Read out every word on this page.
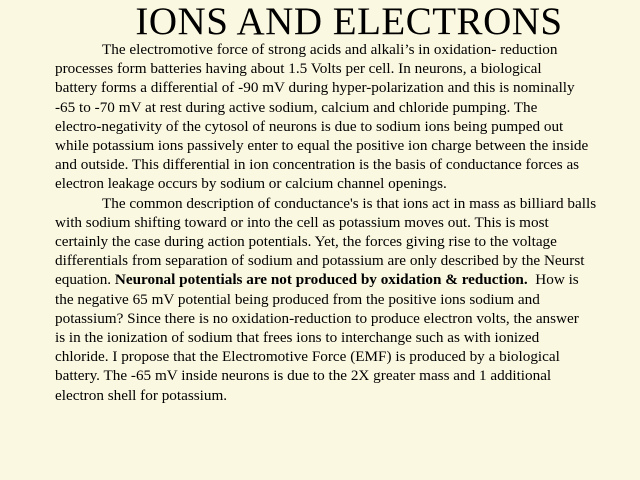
IONS AND ELECTRONS
The electromotive force of strong acids and alkali’s in oxidation- reduction
processes form batteries having about 1.5 Volts per cell. In neurons, a biological
battery forms a differential of -90 mV during hyper-polarization and this is nominally
-65 to -70 mV at rest during active sodium, calcium and chloride pumping. The
electro-negativity of the cytosol of neurons is due to sodium ions being pumped out
while potassium ions passively enter to equal the positive ion charge between the inside
and outside. This differential in ion concentration is the basis of conductance forces as
electron leakage occurs by sodium or calcium channel openings.
The common description of conductance's is that ions act in mass as billiard balls
with sodium shifting toward or into the cell as potassium moves out. This is most
certainly the case during action potentials. Yet, the forces giving rise to the voltage
differentials from separation of sodium and potassium are only described by the Neurst
equation. Neuronal potentials are not produced by oxidation & reduction.  How is
the negative 65 mV potential being produced from the positive ions sodium and
potassium? Since there is no oxidation-reduction to produce electron volts, the answer
is in the ionization of sodium that frees ions to interchange such as with ionized
chloride. I propose that the Electromotive Force (EMF) is produced by a biological
battery. The -65 mV inside neurons is due to the 2X greater mass and 1 additional
electron shell for potassium.
